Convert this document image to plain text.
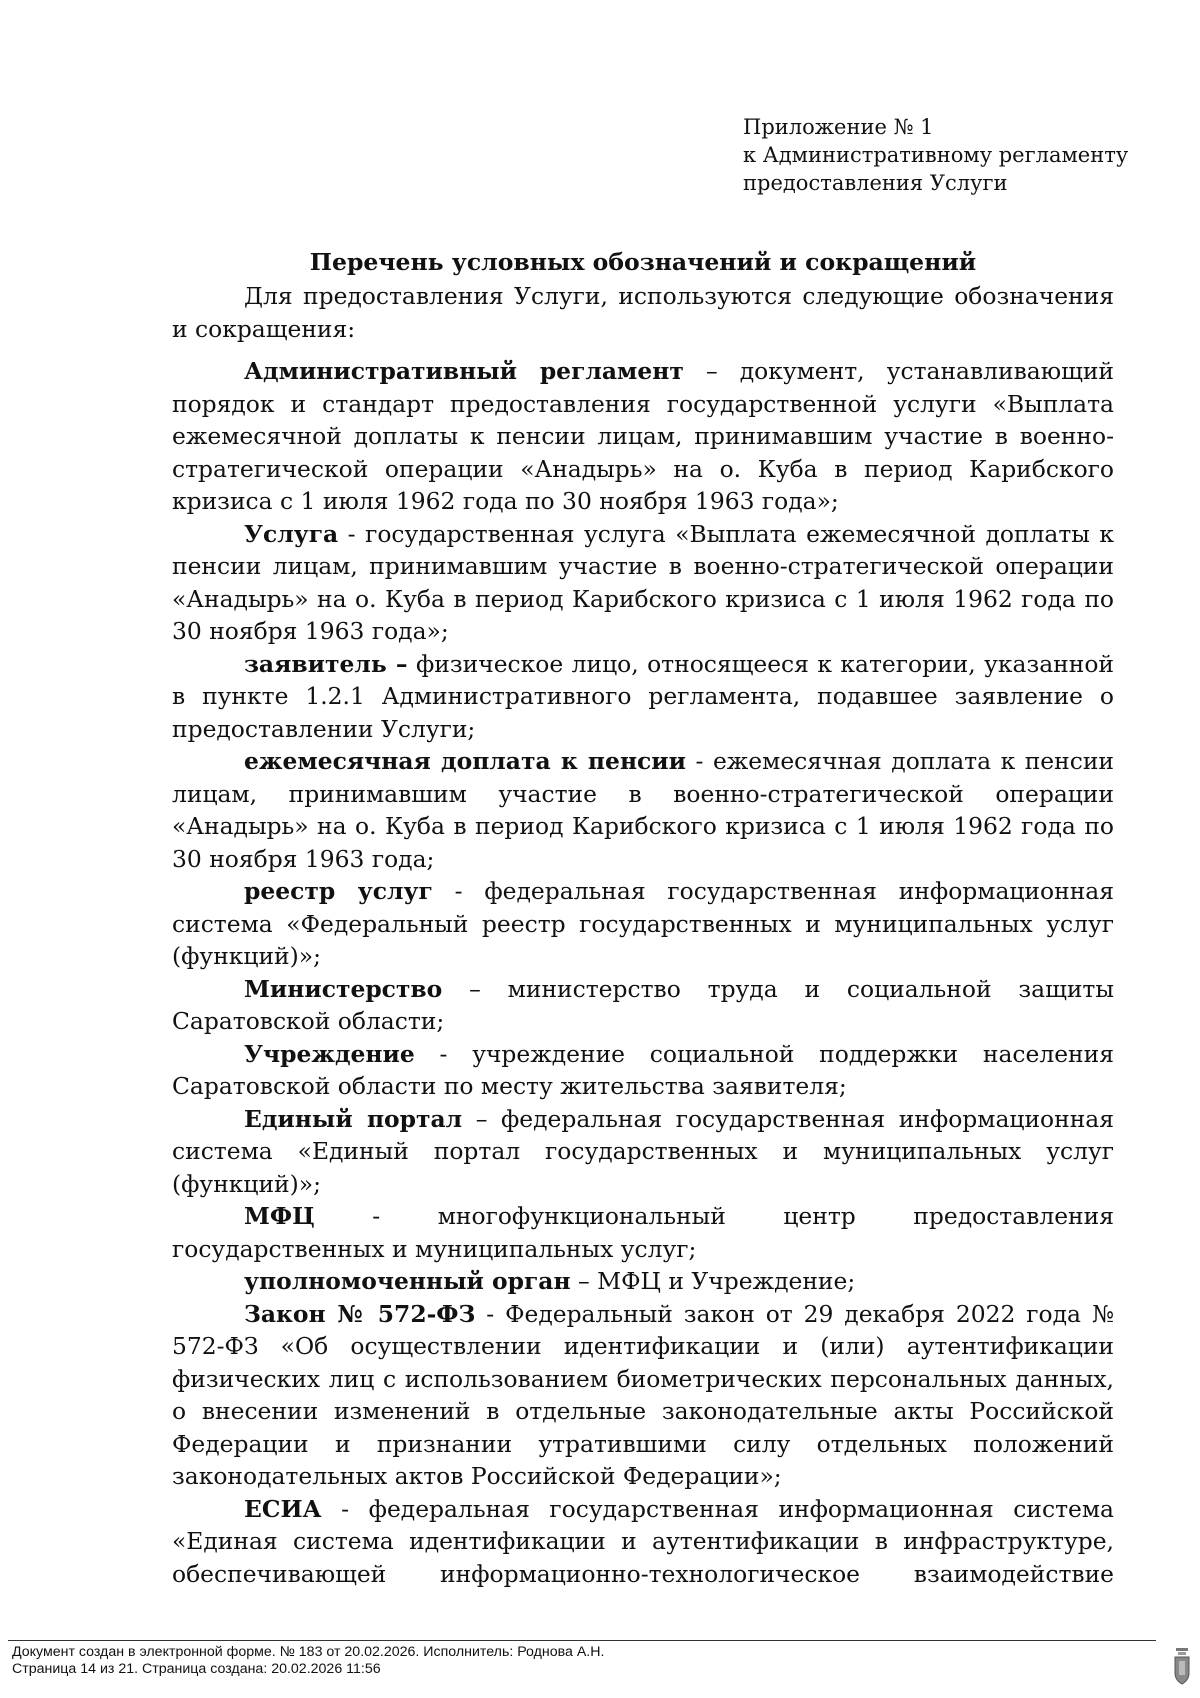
Приложение № 1
к Административному регламенту
предоставления Услуги
Перечень условных обозначений и сокращений

Для предоставления Услуги, используются следующие обозначения и сокращения:

Административный регламент – документ, устанавливающий порядок и стандарт предоставления государственной услуги «Выплата ежемесячной доплаты к пенсии лицам, принимавшим участие в военно-стратегической операции «Анадырь» на о. Куба в период Карибского кризиса с 1 июля 1962 года по 30 ноября 1963 года»;

Услуга - государственная услуга «Выплата ежемесячной доплаты к пенсии лицам, принимавшим участие в военно-стратегической операции «Анадырь» на о. Куба в период Карибского кризиса с 1 июля 1962 года по 30 ноября 1963 года»;

заявитель – физическое лицо, относящееся к категории, указанной в пункте 1.2.1 Административного регламента, подавшее заявление о предоставлении Услуги;

ежемесячная доплата к пенсии - ежемесячная доплата к пенсии лицам, принимавшим участие в военно-стратегической операции «Анадырь» на о. Куба в период Карибского кризиса с 1 июля 1962 года по 30 ноября 1963 года;

реестр услуг - федеральная государственная информационная система «Федеральный реестр государственных и муниципальных услуг (функций)»;

Министерство – министерство труда и социальной защиты Саратовской области;

Учреждение - учреждение социальной поддержки населения Саратовской области по месту жительства заявителя;

Единый портал – федеральная государственная информационная система «Единый портал государственных и муниципальных услуг (функций)»;

МФЦ - многофункциональный центр предоставления государственных и муниципальных услуг;

уполномоченный орган – МФЦ и Учреждение;

Закон № 572-ФЗ - Федеральный закон от 29 декабря 2022 года № 572-ФЗ «Об осуществлении идентификации и (или) аутентификации физических лиц с использованием биометрических персональных данных, о внесении изменений в отдельные законодательные акты Российской Федерации и признании утратившими силу отдельных положений законодательных актов Российской Федерации»;

ЕСИА - федеральная государственная информационная система «Единая система идентификации и аутентификации в инфраструктуре, обеспечивающей информационно-технологическое взаимодействие

Документ создан в электронной форме. № 183 от 20.02.2026. Исполнитель: Роднова А.Н.
Страница 14 из 21. Страница создана: 20.02.2026 11:56
